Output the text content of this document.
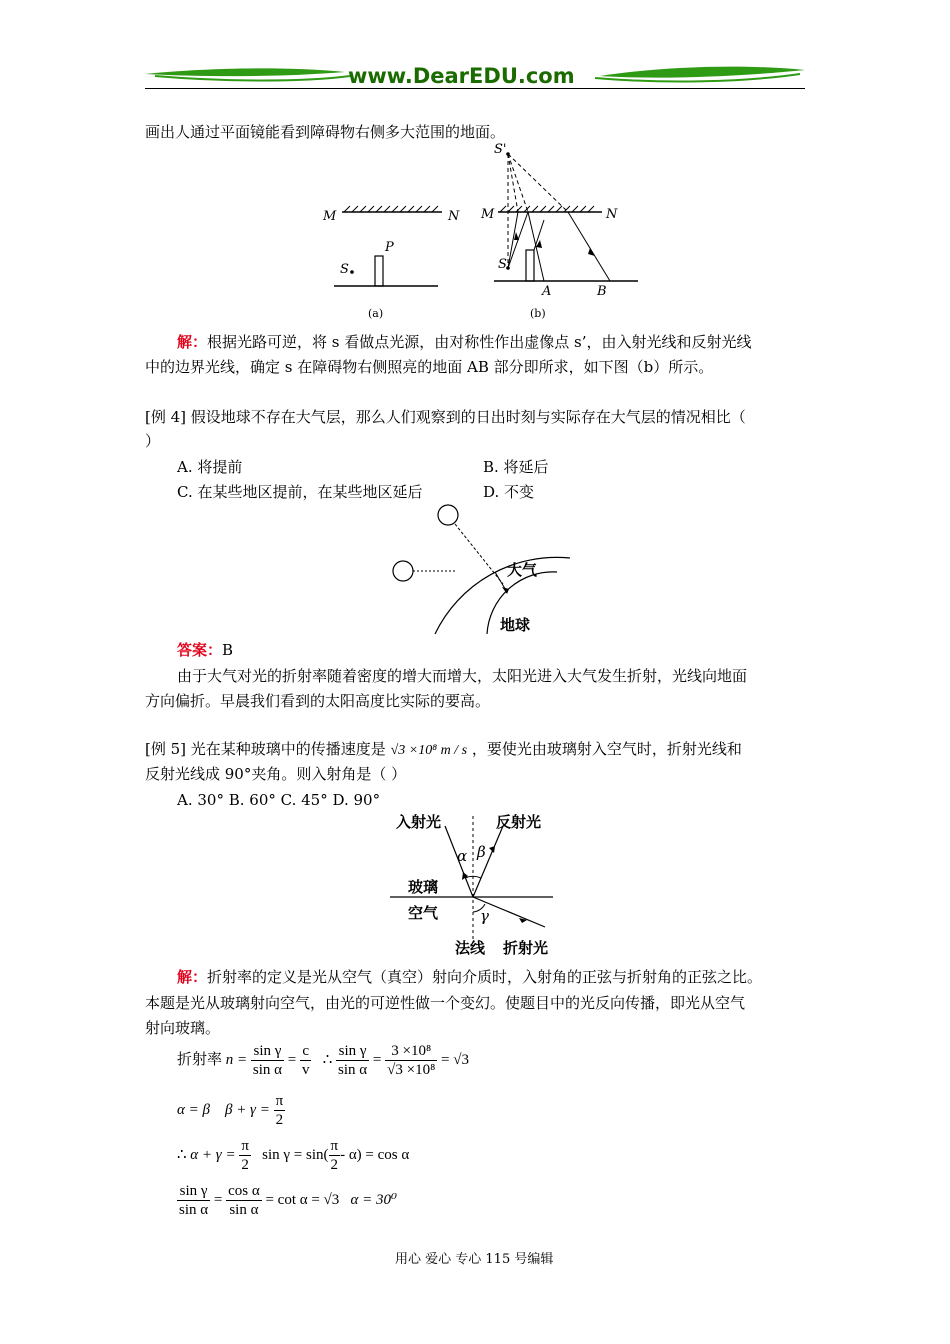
www.DearEDU.com
画出人通过平面镜能看到障碍物右侧多大范围的地面。
M	N
P
S
(a)
S'
M	N
S
A	B
(b)
解：根据光路可逆，将 s 看做点光源，由对称性作出虚像点 s’，由入射光线和反射光线
中的边界光线，确定 s 在障碍物右侧照亮的地面 AB 部分即所求，如下图（b）所示。
[例 4] 假设地球不存在大气层，那么人们观察到的日出时刻与实际存在大气层的情况相比（
）
A. 将提前	B. 将延后
C. 在某些地区提前，在某些地区延后	D. 不变
大气
地球
答案：B
由于大气对光的折射率随着密度的增大而增大，太阳光进入大气发生折射，光线向地面
方向偏折。早晨我们看到的太阳高度比实际的要高。
[例 5] 光在某种玻璃中的传播速度是 √3 ×10⁸ m / s ，要使光由玻璃射入空气时，折射光线和
反射光线成 90°夹角。则入射角是（ ）
A. 30° B. 60° C. 45° D. 90°
入射光	反射光
α β
玻璃
空气	γ
法线 折射光
解：折射率的定义是光从空气（真空）射向介质时，入射角的正弦与折射角的正弦之比。
本题是光从玻璃射向空气，由光的可逆性做一个变幻。使题目中的光反向传播，即光从空气
射向玻璃。
折射率 $n = \frac{\text{sin γ}}{\text{sin α}} = \frac{c}{v}$ ∴ $\frac{\text{sin γ}}{\text{sin α}} = \frac{\text{3 ×10⁸}}{\text{√3 ×10⁸}} = √3$
α = β $\beta + \gamma = \frac{\pi}{2}$
∴ $\alpha + \gamma = \frac{\pi}{2}$ $\sin \gamma = \sin( \frac{\pi}{2} - \alpha) = \cos \alpha$
$\frac{\text{sin γ}}{\text{sin α}} = \frac{\text{cos α}}{\text{sin α}} = \cot \alpha = √3$ α = 30⁰
用心 爱心 专心 115 号编辑
